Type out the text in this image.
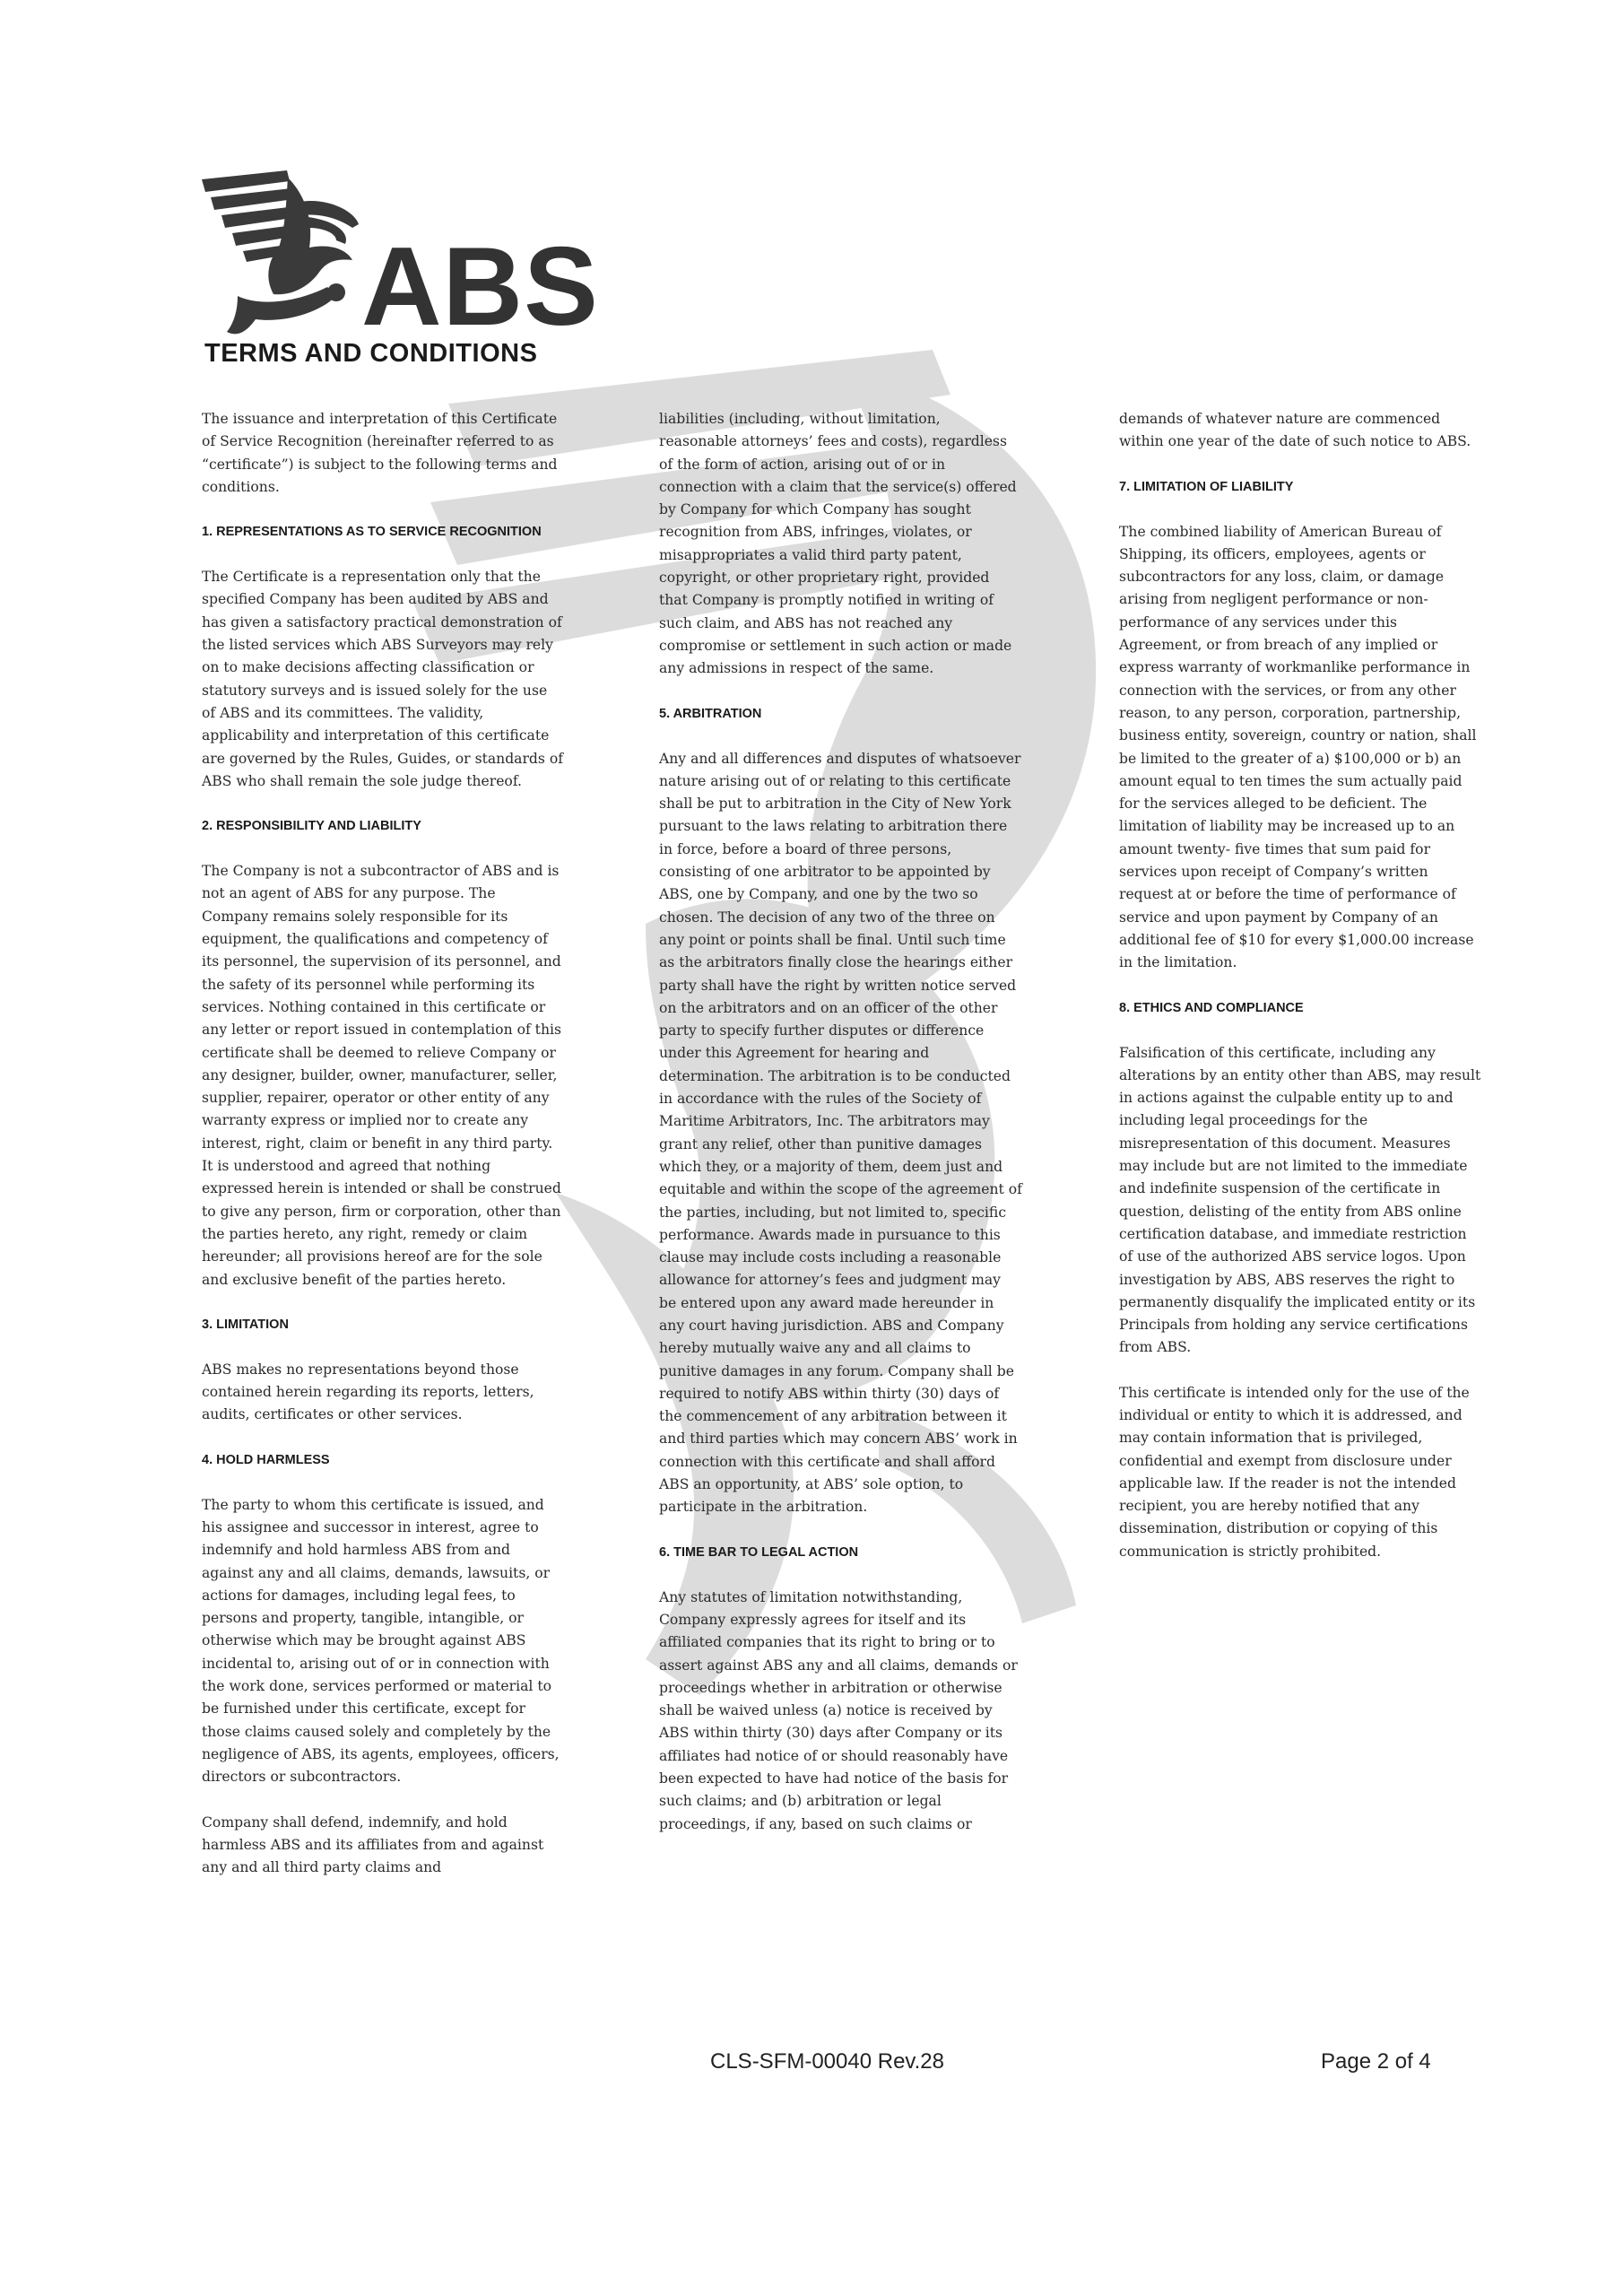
ABS
TERMS AND CONDITIONS

The issuance and interpretation of this Certificate of Service Recognition (hereinafter referred to as “certificate”) is subject to the following terms and conditions.

1. REPRESENTATIONS AS TO SERVICE RECOGNITION

The Certificate is a representation only that the specified Company has been audited by ABS and has given a satisfactory practical demonstration of the listed services which ABS Surveyors may rely on to make decisions affecting classification or statutory surveys and is issued solely for the use of ABS and its committees. The validity, applicability and interpretation of this certificate are governed by the Rules, Guides, or standards of ABS who shall remain the sole judge thereof.

2. RESPONSIBILITY AND LIABILITY

The Company is not a subcontractor of ABS and is not an agent of ABS for any purpose. The Company remains solely responsible for its equipment, the qualifications and competency of its personnel, the supervision of its personnel, and the safety of its personnel while performing its services. Nothing contained in this certificate or any letter or report issued in contemplation of this certificate shall be deemed to relieve Company or any designer, builder, owner, manufacturer, seller, supplier, repairer, operator or other entity of any warranty express or implied nor to create any interest, right, claim or benefit in any third party. It is understood and agreed that nothing expressed herein is intended or shall be construed to give any person, firm or corporation, other than the parties hereto, any right, remedy or claim hereunder; all provisions hereof are for the sole and exclusive benefit of the parties hereto.

3. LIMITATION

ABS makes no representations beyond those contained herein regarding its reports, letters, audits, certificates or other services.

4. HOLD HARMLESS

The party to whom this certificate is issued, and his assignee and successor in interest, agree to indemnify and hold harmless ABS from and against any and all claims, demands, lawsuits, or actions for damages, including legal fees, to persons and property, tangible, intangible, or otherwise which may be brought against ABS incidental to, arising out of or in connection with the work done, services performed or material to be furnished under this certificate, except for those claims caused solely and completely by the negligence of ABS, its agents, employees, officers, directors or subcontractors.

Company shall defend, indemnify, and hold harmless ABS and its affiliates from and against any and all third party claims and

liabilities (including, without limitation, reasonable attorneys’ fees and costs), regardless of the form of action, arising out of or in connection with a claim that the service(s) offered by Company for which Company has sought recognition from ABS, infringes, violates, or misappropriates a valid third party patent, copyright, or other proprietary right, provided that Company is promptly notified in writing of such claim, and ABS has not reached any compromise or settlement in such action or made any admissions in respect of the same.

5. ARBITRATION

Any and all differences and disputes of whatsoever nature arising out of or relating to this certificate shall be put to arbitration in the City of New York pursuant to the laws relating to arbitration there in force, before a board of three persons, consisting of one arbitrator to be appointed by ABS, one by Company, and one by the two so chosen. The decision of any two of the three on any point or points shall be final. Until such time as the arbitrators finally close the hearings either party shall have the right by written notice served on the arbitrators and on an officer of the other party to specify further disputes or difference under this Agreement for hearing and determination. The arbitration is to be conducted in accordance with the rules of the Society of Maritime Arbitrators, Inc. The arbitrators may grant any relief, other than punitive damages which they, or a majority of them, deem just and equitable and within the scope of the agreement of the parties, including, but not limited to, specific performance. Awards made in pursuance to this clause may include costs including a reasonable allowance for attorney’s fees and judgment may be entered upon any award made hereunder in any court having jurisdiction. ABS and Company hereby mutually waive any and all claims to punitive damages in any forum. Company shall be required to notify ABS within thirty (30) days of the commencement of any arbitration between it and third parties which may concern ABS’ work in connection with this certificate and shall afford ABS an opportunity, at ABS’ sole option, to participate in the arbitration.

6. TIME BAR TO LEGAL ACTION

Any statutes of limitation notwithstanding, Company expressly agrees for itself and its affiliated companies that its right to bring or to assert against ABS any and all claims, demands or proceedings whether in arbitration or otherwise shall be waived unless (a) notice is received by ABS within thirty (30) days after Company or its affiliates had notice of or should reasonably have been expected to have had notice of the basis for such claims; and (b) arbitration or legal proceedings, if any, based on such claims or

demands of whatever nature are commenced within one year of the date of such notice to ABS.

7. LIMITATION OF LIABILITY

The combined liability of American Bureau of Shipping, its officers, employees, agents or subcontractors for any loss, claim, or damage arising from negligent performance or non-performance of any services under this Agreement, or from breach of any implied or express warranty of workmanlike performance in connection with the services, or from any other reason, to any person, corporation, partnership, business entity, sovereign, country or nation, shall be limited to the greater of a) $100,000 or b) an amount equal to ten times the sum actually paid for the services alleged to be deficient. The limitation of liability may be increased up to an amount twenty- five times that sum paid for services upon receipt of Company’s written request at or before the time of performance of service and upon payment by Company of an additional fee of $10 for every $1,000.00 increase in the limitation.

8. ETHICS AND COMPLIANCE

Falsification of this certificate, including any alterations by an entity other than ABS, may result in actions against the culpable entity up to and including legal proceedings for the misrepresentation of this document. Measures may include but are not limited to the immediate and indefinite suspension of the certificate in question, delisting of the entity from ABS online certification database, and immediate restriction of use of the authorized ABS service logos. Upon investigation by ABS, ABS reserves the right to permanently disqualify the implicated entity or its Principals from holding any service certifications from ABS.

This certificate is intended only for the use of the individual or entity to which it is addressed, and may contain information that is privileged, confidential and exempt from disclosure under applicable law. If the reader is not the intended recipient, you are hereby notified that any dissemination, distribution or copying of this communication is strictly prohibited.

CLS-SFM-00040 Rev.28	Page 2 of 4
